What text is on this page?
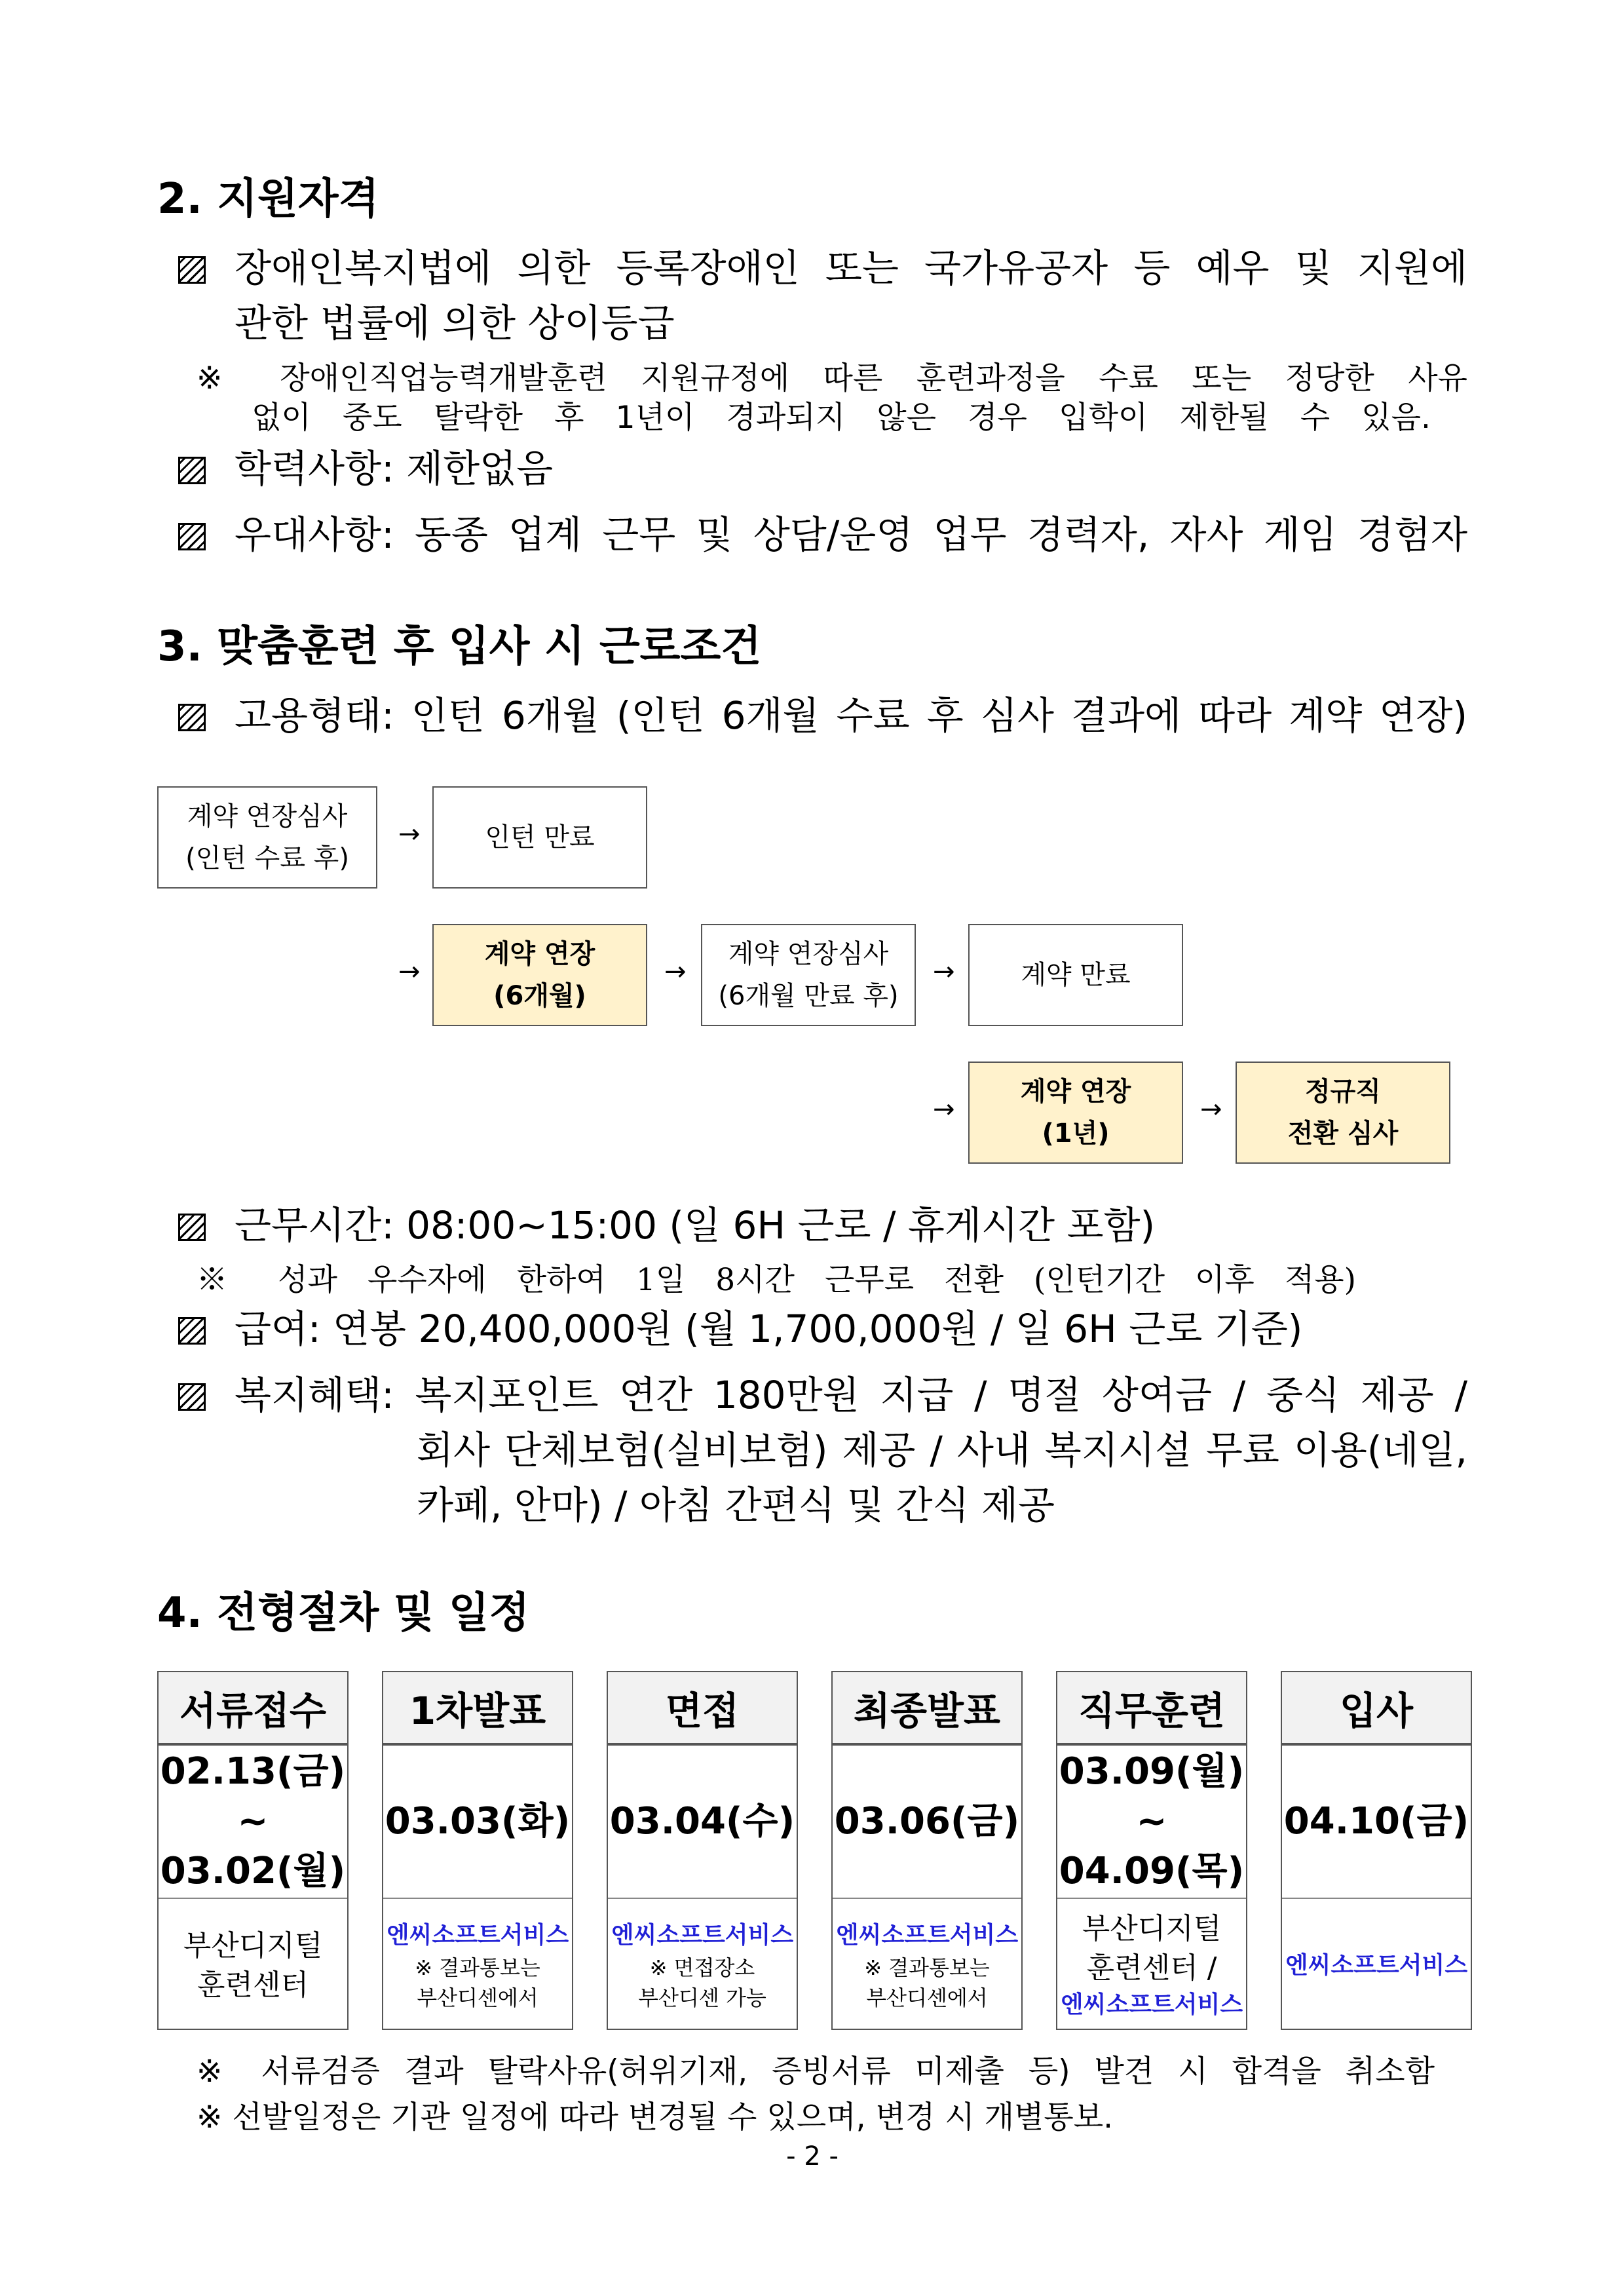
2. 지원자격
장애인복지법에 의한 등록장애인 또는 국가유공자 등 예우 및 지원에
관한 법률에 의한 상이등급
※ 장애인직업능력개발훈련 지원규정에 따른 훈련과정을 수료 또는 정당한 사유
없이 중도 탈락한 후 1년이 경과되지 않은 경우 입학이 제한될 수 있음.
학력사항: 제한없음
우대사항: 동종 업계 근무 및 상담/운영 업무 경력자, 자사 게임 경험자
3. 맞춤훈련 후 입사 시 근로조건
고용형태: 인턴 6개월 (인턴 6개월 수료 후 심사 결과에 따라 계약 연장)
계약 연장심사
(인턴 수료 후)
→ 인턴 만료
→
계약 연장
(6개월)
→
계약 연장심사
(6개월 만료 후)
→	계약 만료
→
계약 연장
(1년)
→
정규직
전환 심사
근무시간: 08:00~15:00 (일 6H 근로 / 휴게시간 포함)
※ 성과 우수자에 한하여 1일 8시간 근무로 전환 (인턴기간 이후 적용)
급여: 연봉 20,400,000원 (월 1,700,000원 / 일 6H 근로 기준)
복지혜택: 복지포인트 연간 180만원 지급 / 명절 상여금 / 중식 제공 /
회사 단체보험(실비보험) 제공 / 사내 복지시설 무료 이용(네일,
카페, 안마) / 아침 간편식 및 간식 제공
4. 전형절차 및 일정
서류접수
02.13(금)
~
03.02(월)
부산디지털
훈련센터
1차발표
03.03(화)
엔씨소프트서비스
※ 결과통보는
부산디센에서
면접
03.04(수)
엔씨소프트서비스
※ 면접장소
부산디센 가능
최종발표
03.06(금)
엔씨소프트서비스
※ 결과통보는
부산디센에서
직무훈련
03.09(월)
~
04.09(목)
부산디지털
훈련센터 /
엔씨소프트서비스
입사
04.10(금)
엔씨소프트서비스
※ 서류검증 결과 탈락사유(허위기재, 증빙서류 미제출 등) 발견 시 합격을 취소함
※ 선발일정은 기관 일정에 따라 변경될 수 있으며, 변경 시 개별통보.
- 2 -
